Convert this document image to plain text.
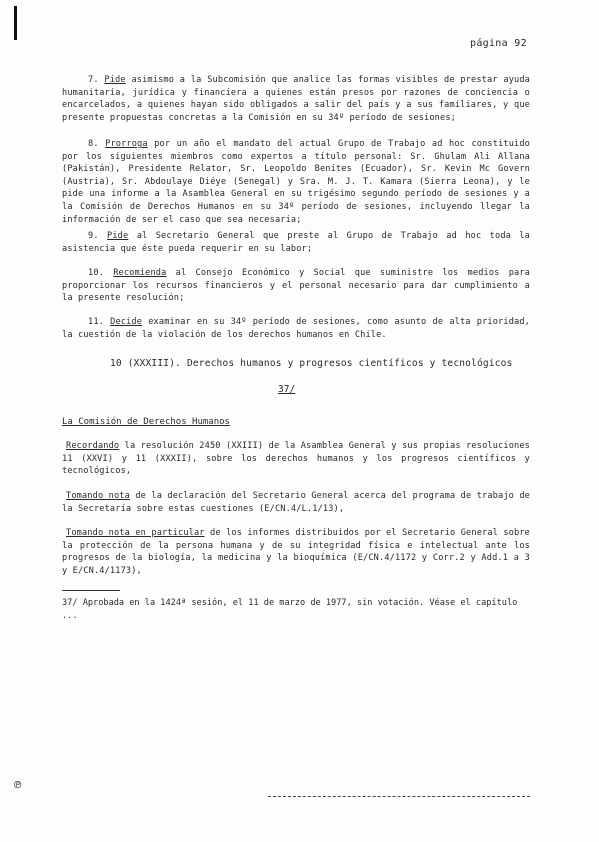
página 92
7. Pide asimismo a la Subcomisión que analice las formas visibles de prestar ayuda humanitaria, jurídica y financiera a quienes están presos por razones de conciencia o encarcelados, a quienes hayan sido obligados a salir del país y a sus familiares, y que presente propuestas concretas a la Comisión en su 34º período de sesiones;
8. Prorroga por un año el mandato del actual Grupo de Trabajo ad hoc constituido por los siguientes miembros como expertos a título personal: Sr. Ghulam Ali Allana (Pakistán), Presidente Relator, Sr. Leopoldo Benites (Ecuador), Sr. Kevin Mc Govern (Austria), Sr. Abdoulaye Diéye (Senegal) y Sra. M. J. T. Kamara (Sierra Leona), y le pide una informe a la Asamblea General en su trigésimo segundo período de sesiones y a la Comisión de Derechos Humanos en su 34º período de sesiones, incluyendo llegar la información de ser el caso que sea necesaria;
9. Pide al Secretario General que preste al Grupo de Trabajo ad hoc toda la asistencia que éste pueda requerir en su labor;
10. Recomienda al Consejo Económico y Social que suministre los medios para proporcionar los recursos financieros y el personal necesario para dar cumplimiento a la presente resolución;
11. Decide examinar en su 34º período de sesiones, como asunto de alta prioridad, la cuestión de la violación de los derechos humanos en Chile.
10 (XXXIII). Derechos humanos y progresos científicos y tecnológicos
37/
La Comisión de Derechos Humanos
Recordando la resolución 2450 (XXIII) de la Asamblea General y sus propias resoluciones 11 (XXVI) y 11 (XXXII), sobre los derechos humanos y los progresos científicos y tecnológicos,
Tomando nota de la declaración del Secretario General acerca del programa de trabajo de la Secretaría sobre estas cuestiones (E/CN.4/L.1/13),
Tomando nota en particular de los informes distribuidos por el Secretario General sobre la protección de la persona humana y de su integridad física e intelectual ante los progresos de la biología, la medicina y la bioquímica (E/CN.4/1172 y Corr.2 y Add.1 a 3 y E/CN.4/1173),
37/ Aprobada en la 1424ª sesión, el 11 de marzo de 1977, sin votación. Véase el capítulo ...
℗
